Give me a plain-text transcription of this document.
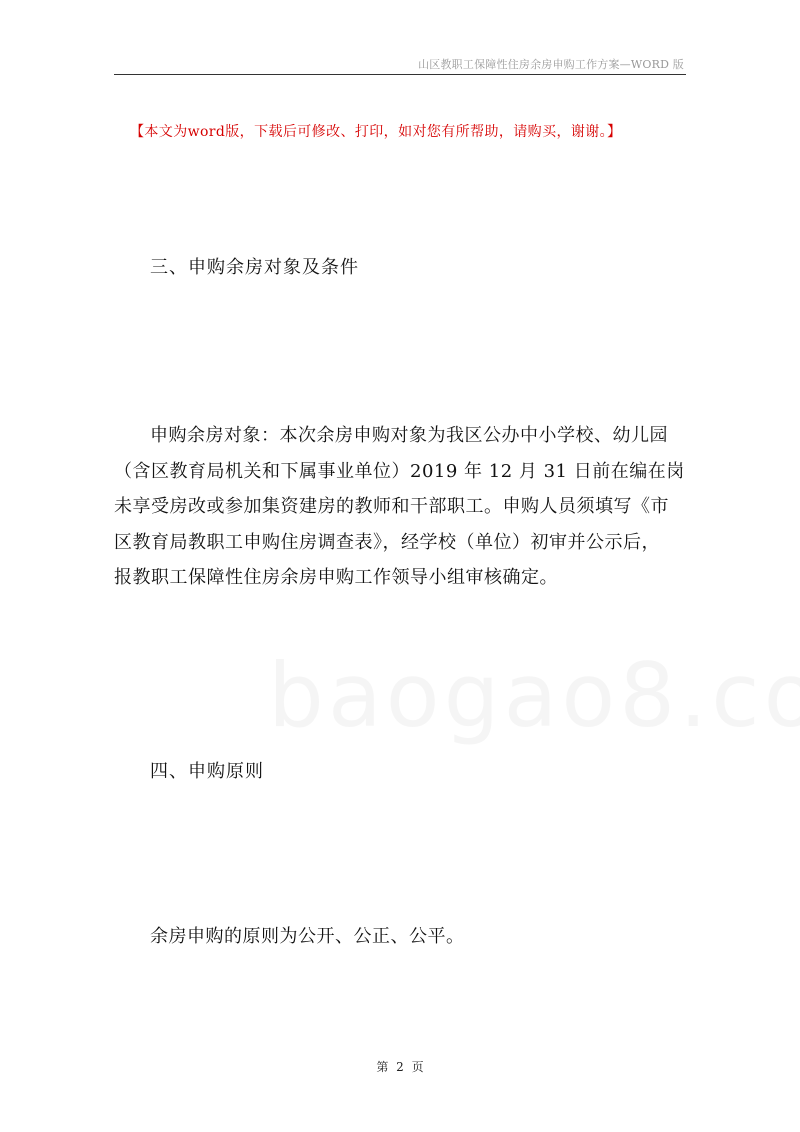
山区教职工保障性住房余房申购工作方案—WORD 版
【本文为word版，下载后可修改、打印，如对您有所帮助，请购买，谢谢。】
三、申购余房对象及条件
申购余房对象：本次余房申购对象为我区公办中小学校、幼儿园
（含区教育局机关和下属事业单位）2019 年 12 月 31 日前在编在岗
未享受房改或参加集资建房的教师和干部职工。申购人员须填写《市
区教育局教职工申购住房调查表》，经学校（单位）初审并公示后，
报教职工保障性住房余房申购工作领导小组审核确定。
四、申购原则
余房申购的原则为公开、公正、公平。
第 2 页
